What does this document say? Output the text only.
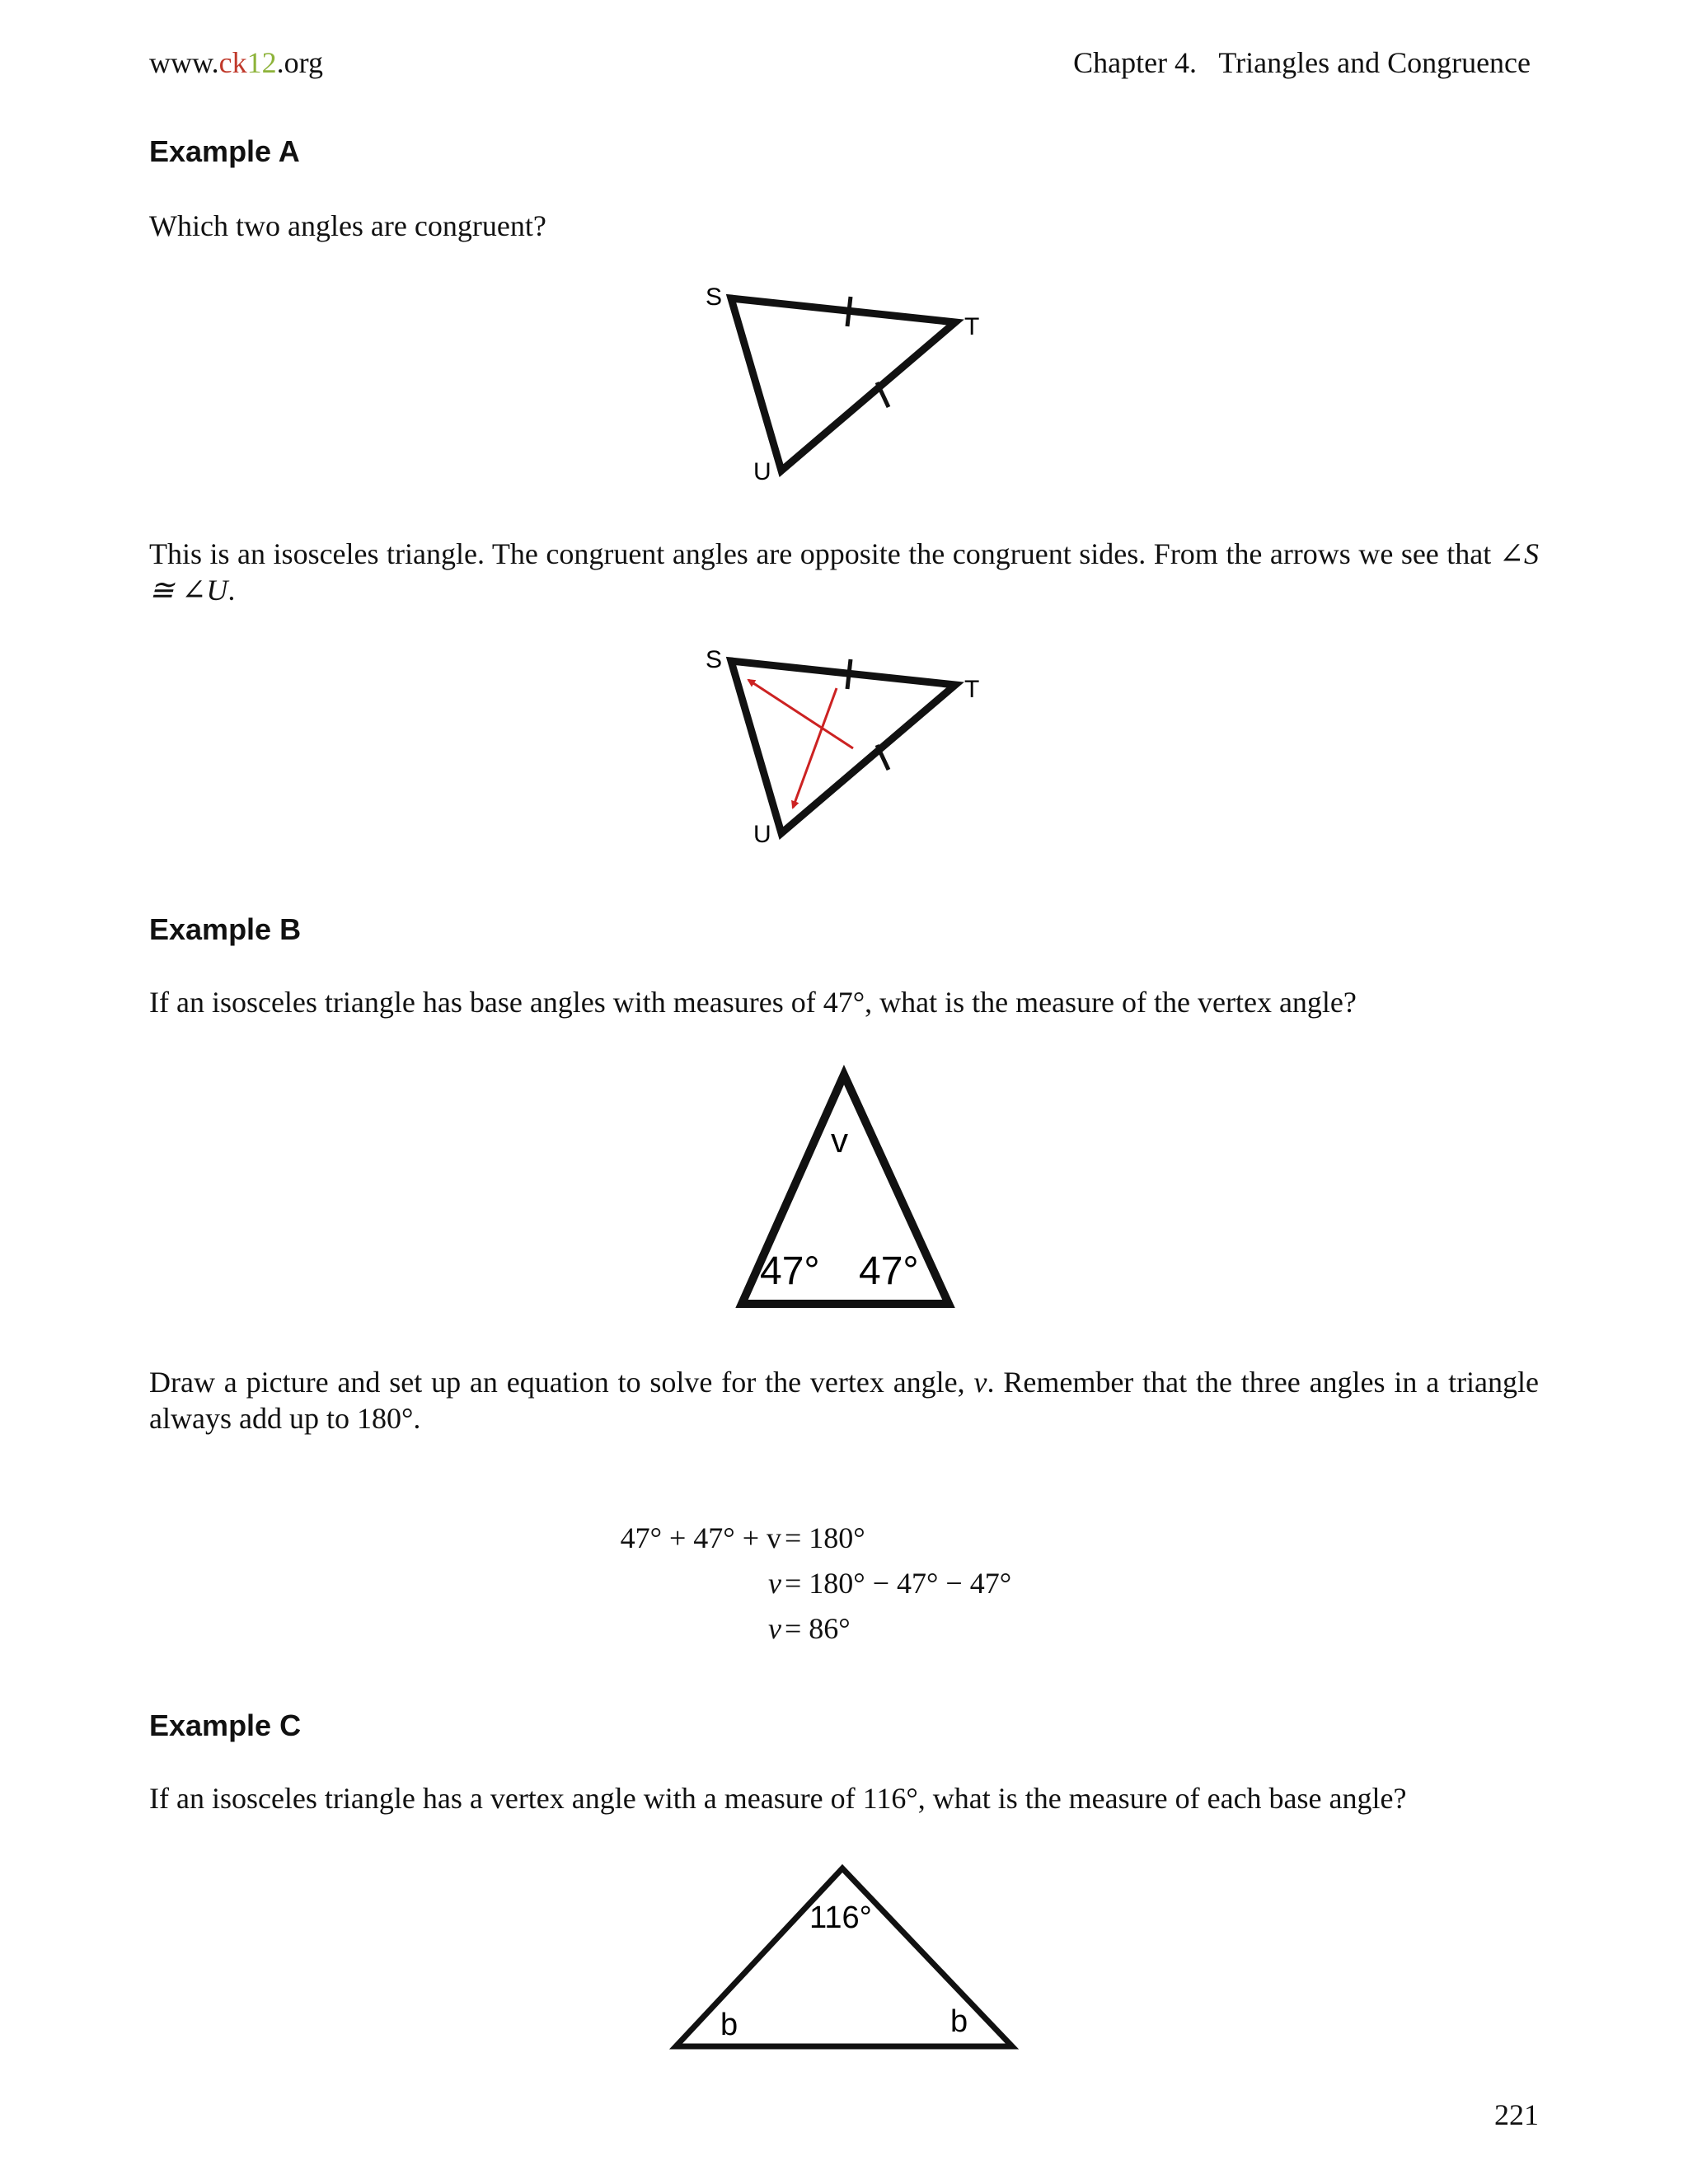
www.ck12.org	Chapter 4.   Triangles and Congruence
Example A
Which two angles are congruent?
S
T
U
This is an isosceles triangle. The congruent angles are opposite the congruent sides. From the arrows we see that ∠S ≅ ∠U.
S
T
U
Example B
If an isosceles triangle has base angles with measures of 47°, what is the measure of the vertex angle?
v
47° 47°
Draw a picture and set up an equation to solve for the vertex angle, v. Remember that the three angles in a triangle always add up to 180°.
47° + 47° + v = 180°
v = 180° − 47° − 47°
v = 86°
Example C
If an isosceles triangle has a vertex angle with a measure of 116°, what is the measure of each base angle?
116°
b	b
221
